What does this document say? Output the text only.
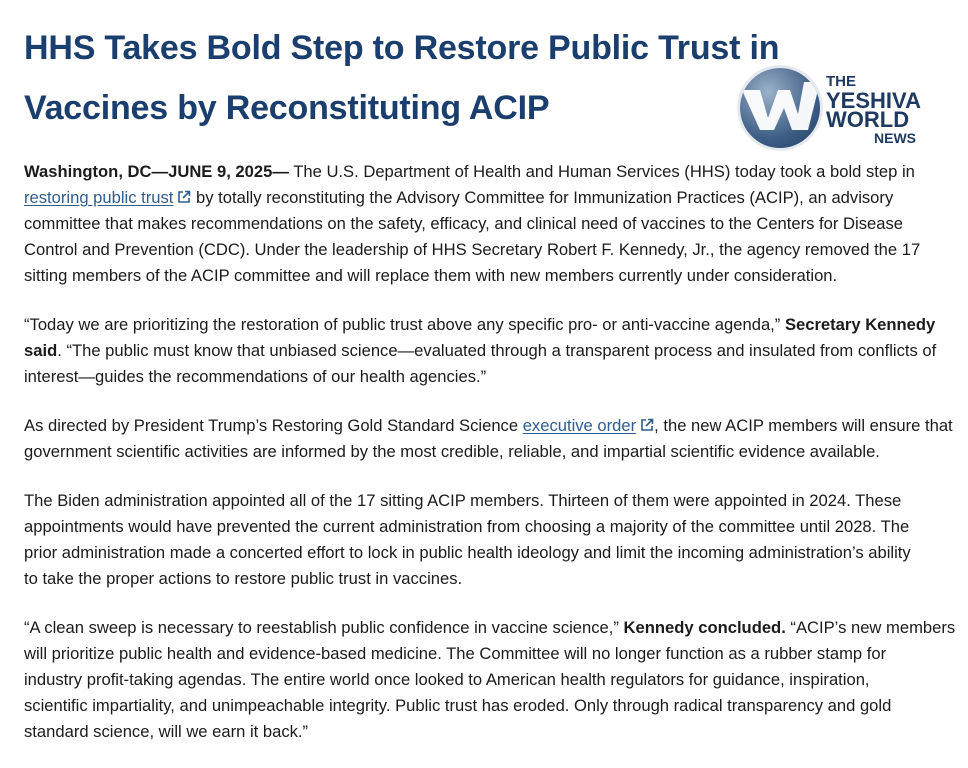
HHS Takes Bold Step to Restore Public Trust in
Vaccines by Reconstituting ACIP
THE
YESHIVA
WORLD
NEWS

Washington, DC—JUNE 9, 2025— The U.S. Department of Health and Human Services (HHS) today took a bold step in
restoring public trust by totally reconstituting the Advisory Committee for Immunization Practices (ACIP), an advisory
committee that makes recommendations on the safety, efficacy, and clinical need of vaccines to the Centers for Disease
Control and Prevention (CDC). Under the leadership of HHS Secretary Robert F. Kennedy, Jr., the agency removed the 17
sitting members of the ACIP committee and will replace them with new members currently under consideration.

“Today we are prioritizing the restoration of public trust above any specific pro- or anti-vaccine agenda,” Secretary Kennedy
said. “The public must know that unbiased science—evaluated through a transparent process and insulated from conflicts of
interest—guides the recommendations of our health agencies.”

As directed by President Trump’s Restoring Gold Standard Science executive order , the new ACIP members will ensure that
government scientific activities are informed by the most credible, reliable, and impartial scientific evidence available.

The Biden administration appointed all of the 17 sitting ACIP members. Thirteen of them were appointed in 2024. These
appointments would have prevented the current administration from choosing a majority of the committee until 2028. The
prior administration made a concerted effort to lock in public health ideology and limit the incoming administration’s ability
to take the proper actions to restore public trust in vaccines.

“A clean sweep is necessary to reestablish public confidence in vaccine science,” Kennedy concluded. “ACIP’s new members
will prioritize public health and evidence-based medicine. The Committee will no longer function as a rubber stamp for
industry profit-taking agendas. The entire world once looked to American health regulators for guidance, inspiration,
scientific impartiality, and unimpeachable integrity. Public trust has eroded. Only through radical transparency and gold
standard science, will we earn it back.”
